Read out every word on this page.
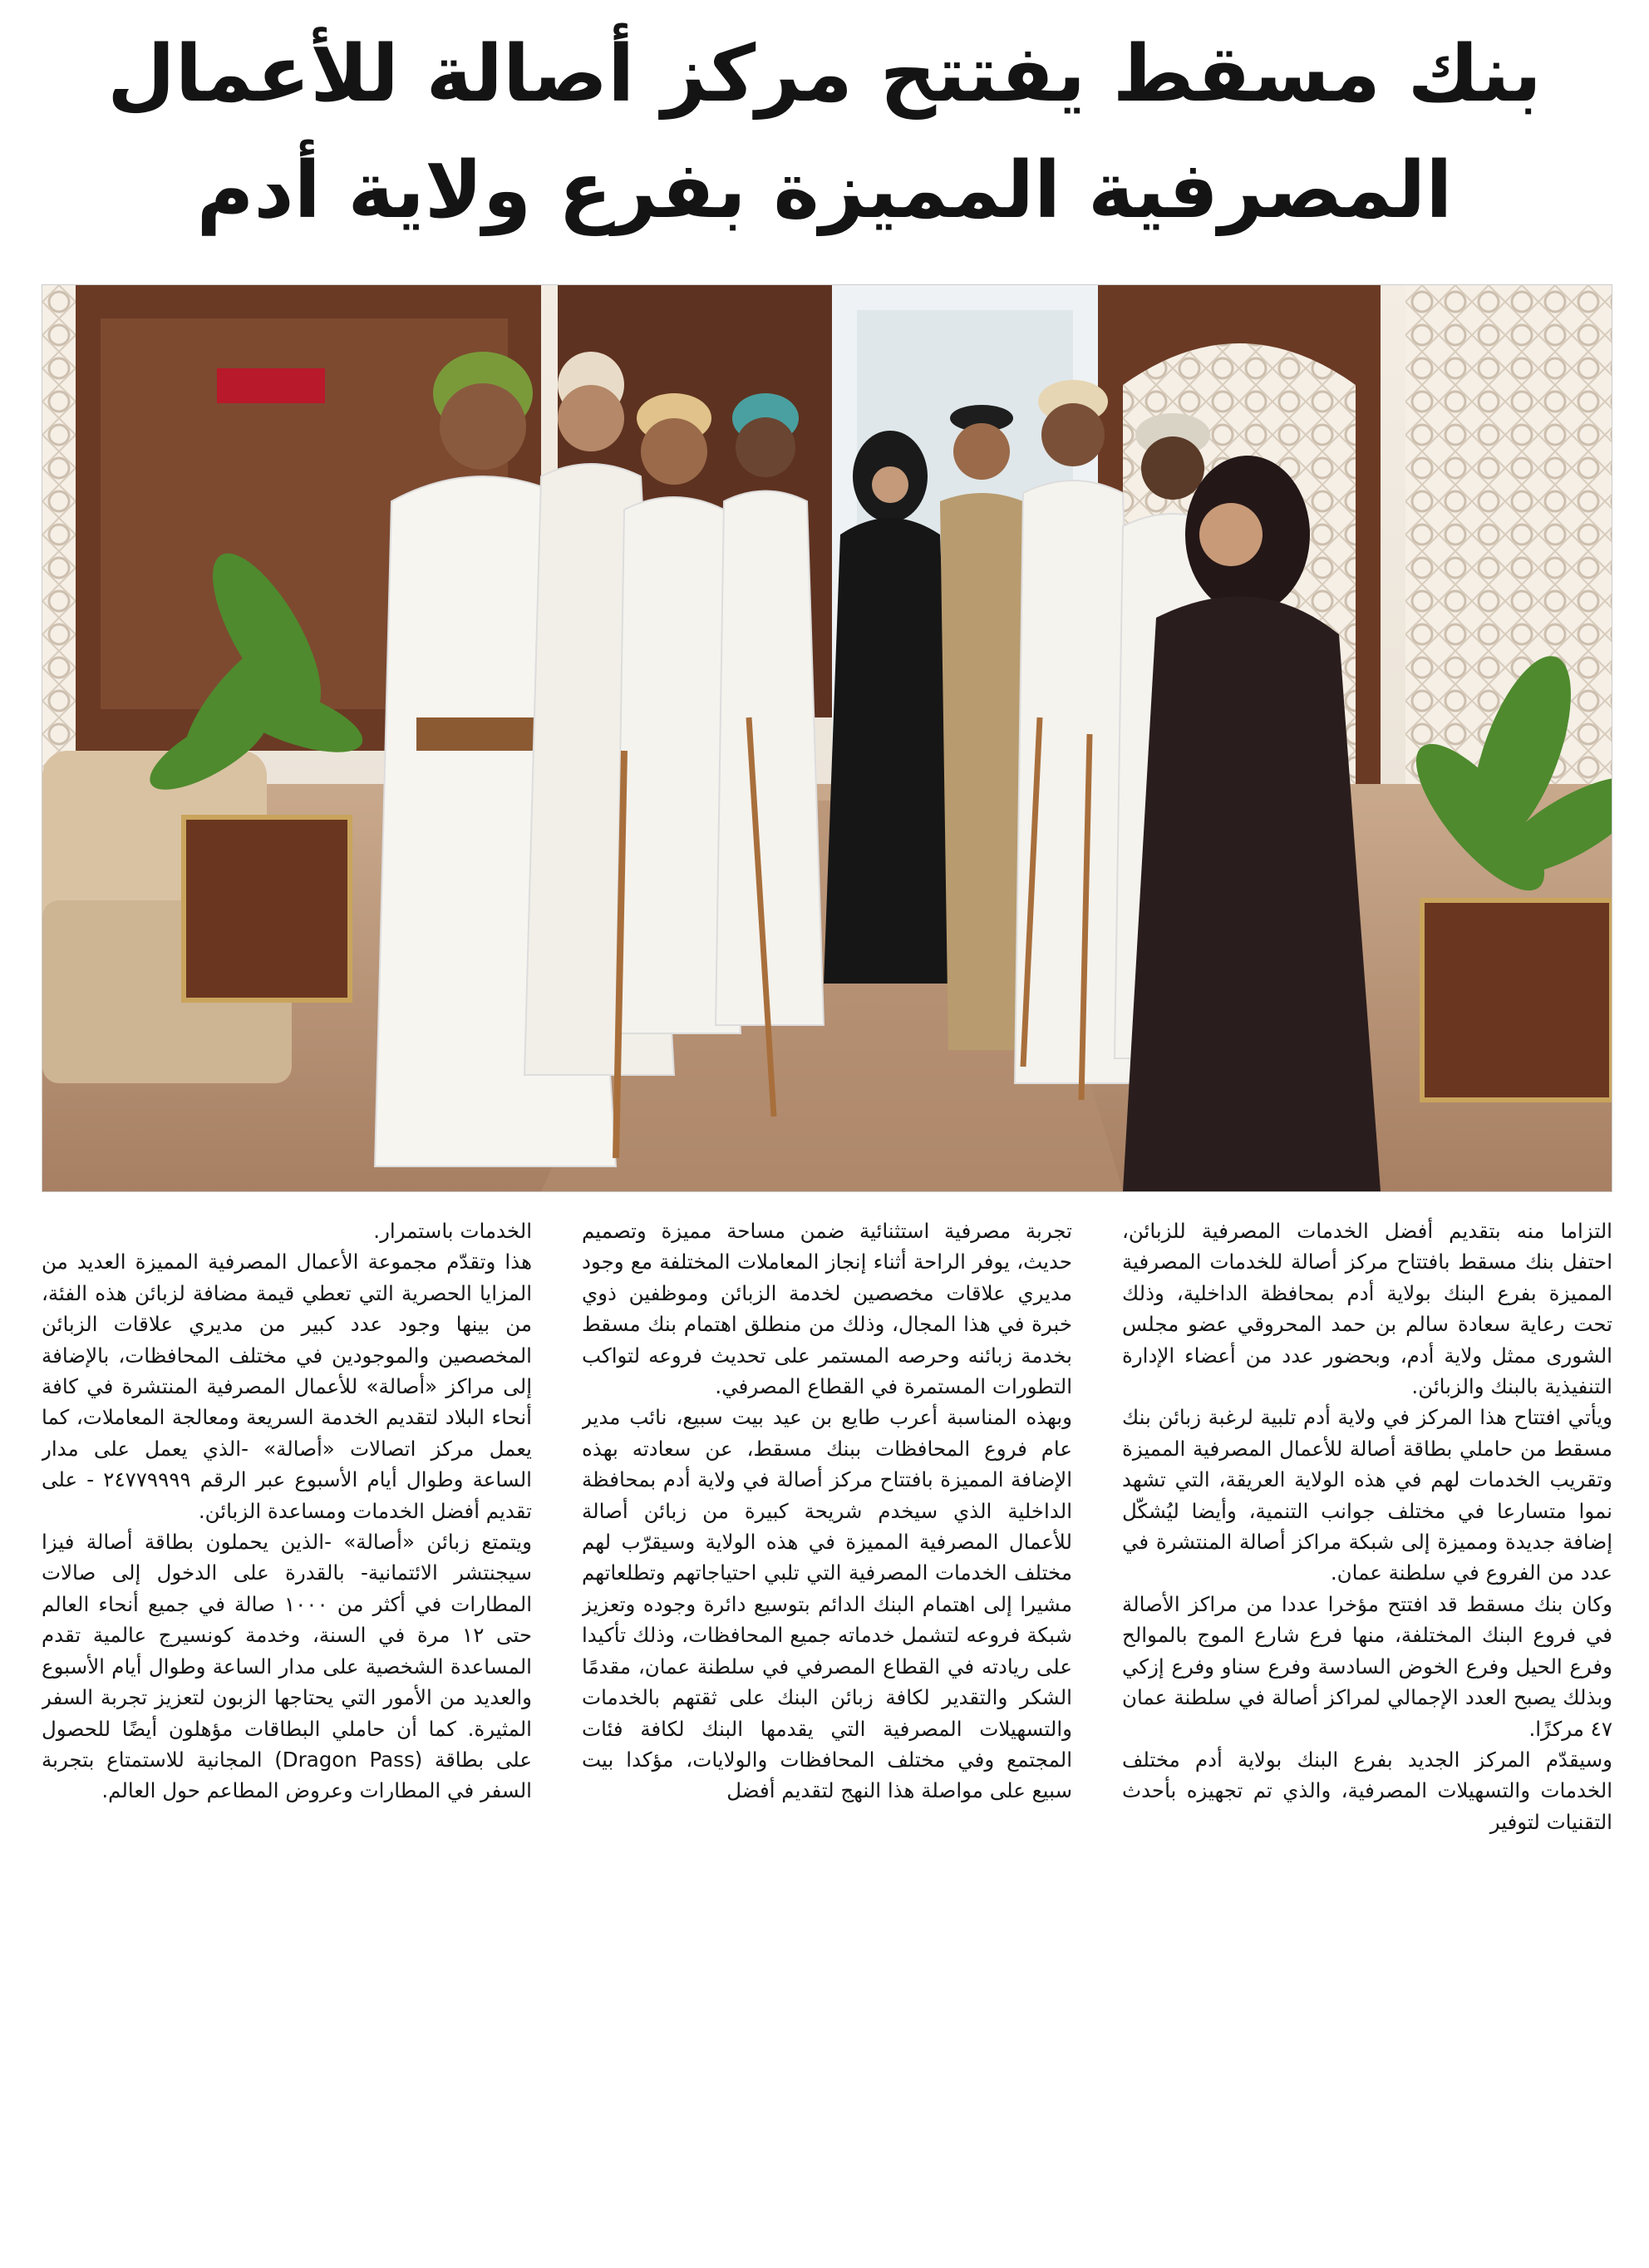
بنك مسقط يفتتح مركز أصالة للأعمال
المصرفية المميزة بفرع ولاية أدم

التزاما منه بتقديم أفضل الخدمات المصرفية للزبائن، احتفل بنك مسقط بافتتاح مركز أصالة للخدمات المصرفية المميزة بفرع البنك بولاية أدم بمحافظة الداخلية، وذلك تحت رعاية سعادة سالم بن حمد المحروقي عضو مجلس الشورى ممثل ولاية أدم، وبحضور عدد من أعضاء الإدارة التنفيذية بالبنك والزبائن.

ويأتي افتتاح هذا المركز في ولاية أدم تلبية لرغبة زبائن بنك مسقط من حاملي بطاقة أصالة للأعمال المصرفية المميزة وتقريب الخدمات لهم في هذه الولاية العريقة، التي تشهد نموا متسارعا في مختلف جوانب التنمية، وأيضا ليُشكّل إضافة جديدة ومميزة إلى شبكة مراكز أصالة المنتشرة في عدد من الفروع في سلطنة عمان.

وكان بنك مسقط قد افتتح مؤخرا عددا من مراكز الأصالة في فروع البنك المختلفة، منها فرع شارع الموج بالموالح وفرع الحيل وفرع الخوض السادسة وفرع سناو وفرع إزكي وبذلك يصبح العدد الإجمالي لمراكز أصالة في سلطنة عمان ٤٧ مركزًا.

وسيقدّم المركز الجديد بفرع البنك بولاية أدم مختلف الخدمات والتسهيلات المصرفية، والذي تم تجهيزه بأحدث التقنيات لتوفير

تجربة مصرفية استثنائية ضمن مساحة مميزة وتصميم حديث، يوفر الراحة أثناء إنجاز المعاملات المختلفة مع وجود مديري علاقات مخصصين لخدمة الزبائن وموظفين ذوي خبرة في هذا المجال، وذلك من منطلق اهتمام بنك مسقط بخدمة زبائنه وحرصه المستمر على تحديث فروعه لتواكب التطورات المستمرة في القطاع المصرفي.

وبهذه المناسبة أعرب طايع بن عيد بيت سبيع، نائب مدير عام فروع المحافظات ببنك مسقط، عن سعادته بهذه الإضافة المميزة بافتتاح مركز أصالة في ولاية أدم بمحافظة الداخلية الذي سيخدم شريحة كبيرة من زبائن أصالة للأعمال المصرفية المميزة في هذه الولاية وسيقرّب لهم مختلف الخدمات المصرفية التي تلبي احتياجاتهم وتطلعاتهم مشيرا إلى اهتمام البنك الدائم بتوسيع دائرة وجوده وتعزيز شبكة فروعه لتشمل خدماته جميع المحافظات، وذلك تأكيدا على ريادته في القطاع المصرفي في سلطنة عمان، مقدمًا الشكر والتقدير لكافة زبائن البنك على ثقتهم بالخدمات والتسهيلات المصرفية التي يقدمها البنك لكافة فئات المجتمع وفي مختلف المحافظات والولايات، مؤكدا بيت سبيع على مواصلة هذا النهج لتقديم أفضل

الخدمات باستمرار.

هذا وتقدّم مجموعة الأعمال المصرفية المميزة العديد من المزايا الحصرية التي تعطي قيمة مضافة لزبائن هذه الفئة، من بينها وجود عدد كبير من مديري علاقات الزبائن المخصصين والموجودين في مختلف المحافظات، بالإضافة إلى مراكز «أصالة» للأعمال المصرفية المنتشرة في كافة أنحاء البلاد لتقديم الخدمة السريعة ومعالجة المعاملات، كما يعمل مركز اتصالات «أصالة» -الذي يعمل على مدار الساعة وطوال أيام الأسبوع عبر الرقم ٢٤٧٧٩٩٩٩ - على تقديم أفضل الخدمات ومساعدة الزبائن.

ويتمتع زبائن «أصالة» -الذين يحملون بطاقة أصالة فيزا سيجنتشر الائتمانية- بالقدرة على الدخول إلى صالات المطارات في أكثر من ١٠٠٠ صالة في جميع أنحاء العالم حتى ١٢ مرة في السنة، وخدمة كونسيرج عالمية تقدم المساعدة الشخصية على مدار الساعة وطوال أيام الأسبوع والعديد من الأمور التي يحتاجها الزبون لتعزيز تجربة السفر المثيرة. كما أن حاملي البطاقات مؤهلون أيضًا للحصول على بطاقة (Dragon Pass) المجانية للاستمتاع بتجربة السفر في المطارات وعروض المطاعم حول العالم.
